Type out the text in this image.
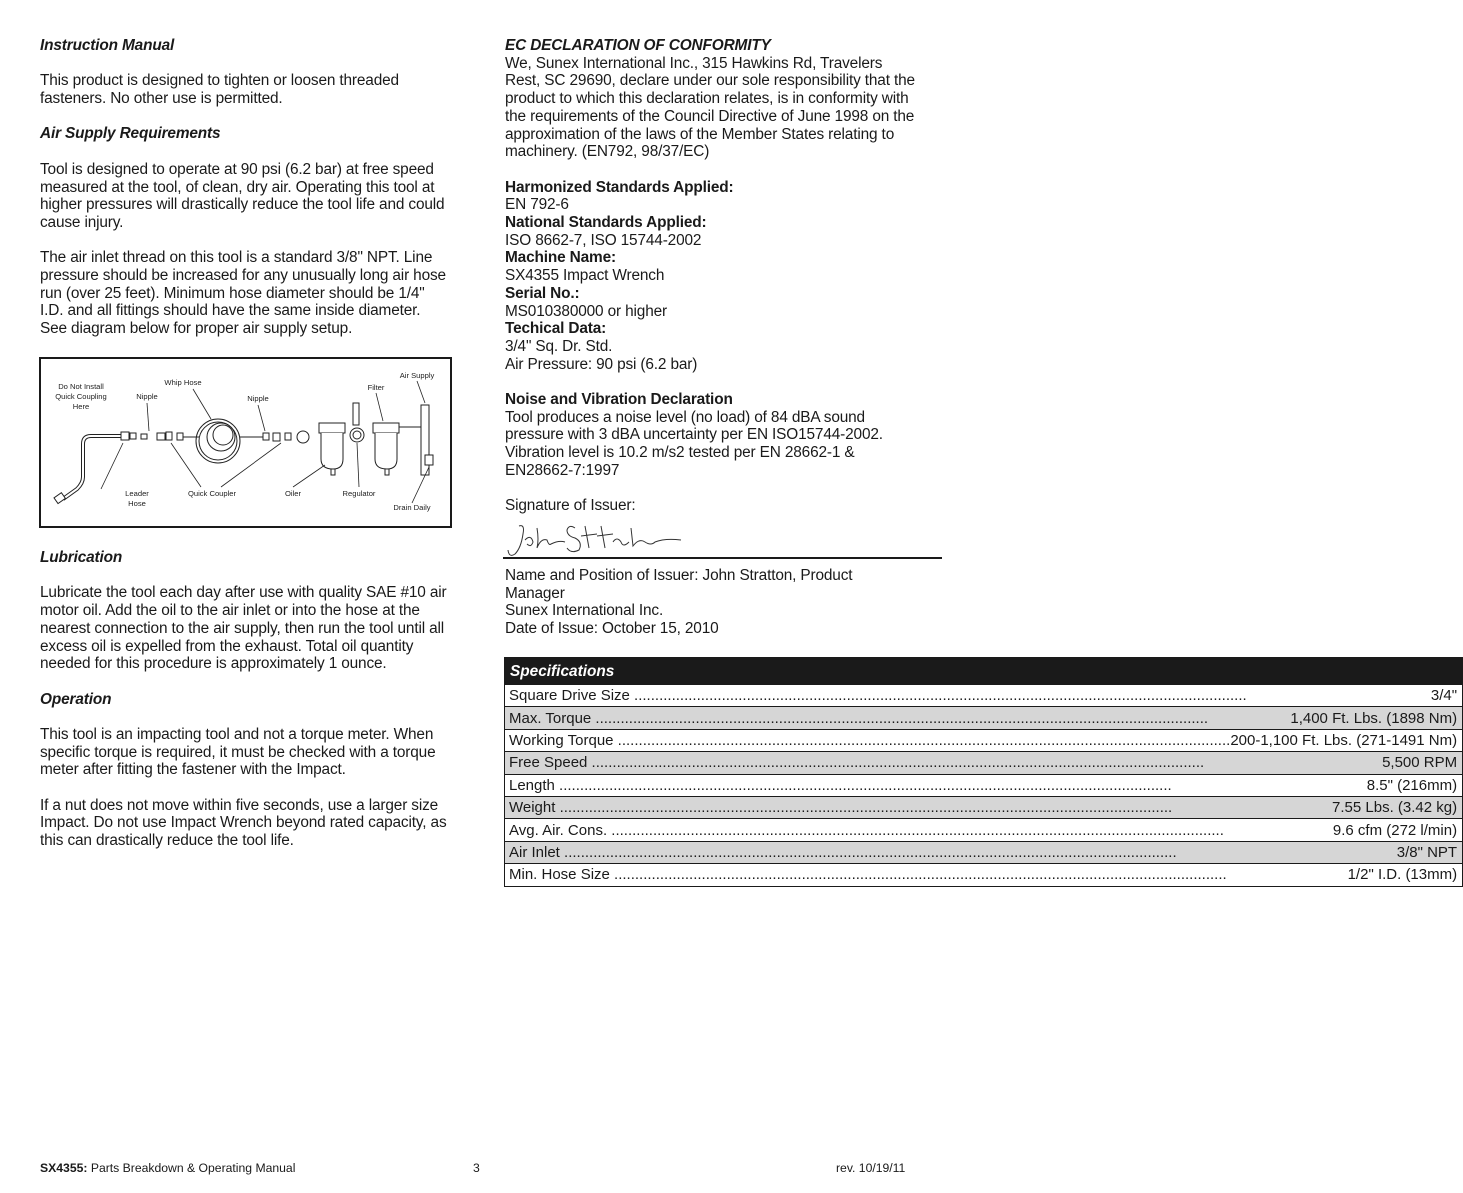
Instruction Manual
This product is designed to tighten or loosen threaded fasteners. No other use is permitted.
Air Supply Requirements
Tool is designed to operate at 90 psi (6.2 bar) at free speed measured at the tool, of clean, dry air. Operating this tool at higher pressures will drastically reduce the tool life and could cause injury.
The air inlet thread on this tool is a standard 3/8" NPT. Line pressure should be increased for any unusually long air hose run (over 25 feet). Minimum hose diameter should be 1/4" I.D. and all fittings should have the same inside diameter. See diagram below for proper air supply setup.
Do Not Install
Quick Coupling
Here
Whip Hose
Nipple	Nipple
Filter
Air Supply
Leader
Hose
Quick Coupler	Oiler	Regulator
Drain Daily
Lubrication
Lubricate the tool each day after use with quality SAE #10 air motor oil. Add the oil to the air inlet or into the hose at the nearest connection to the air supply, then run the tool until all excess oil is expelled from the exhaust. Total oil quantity needed for this procedure is approximately 1 ounce.
Operation
This tool is an impacting tool and not a torque meter. When specific torque is required, it must be checked with a torque meter after fitting the fastener with the Impact.
If a nut does not move within five seconds, use a larger size Impact. Do not use Impact Wrench beyond rated capacity, as this can drastically reduce the tool life.
EC DECLARATION OF CONFORMITY
We, Sunex International Inc., 315 Hawkins Rd, Travelers Rest, SC 29690, declare under our sole responsibility that the product to which this declaration relates, is in conformity with the requirements of the Council Directive of June 1998 on the approximation of the laws of the Member States relating to machinery. (EN792, 98/37/EC)
Harmonized Standards Applied:
EN 792-6
National Standards Applied:
ISO 8662-7, ISO 15744-2002
Machine Name:
SX4355 Impact Wrench
Serial No.:
MS010380000 or higher
Techical Data:
3/4" Sq. Dr. Std.
Air Pressure: 90 psi (6.2 bar)
Noise and Vibration Declaration
Tool produces a noise level (no load) of 84 dBA sound pressure with 3 dBA uncertainty per EN ISO15744-2002. Vibration level is 10.2 m/s2 tested per EN 28662-1 & EN28662-7:1997
Signature of Issuer:
Name and Position of Issuer: John Stratton, Product Manager
Sunex International Inc.
Date of Issue: October 15, 2010
Specifications

Square Drive Size .....	3/4"

Max. Torque .....	1,400 Ft. Lbs. (1898 Nm)

Working Torque .....	200-1,100 Ft. Lbs. (271-1491 Nm)

Free Speed .....	5,500 RPM

Length .....	8.5" (216mm)

Weight .....	7.55 Lbs. (3.42 kg)

Avg. Air. Cons. .....	9.6 cfm (272 l/min)

Air Inlet .....	3/8" NPT

Min. Hose Size .....	1/2" I.D. (13mm)
SX4355: Parts Breakdown & Operating Manual	3	rev. 10/19/11
